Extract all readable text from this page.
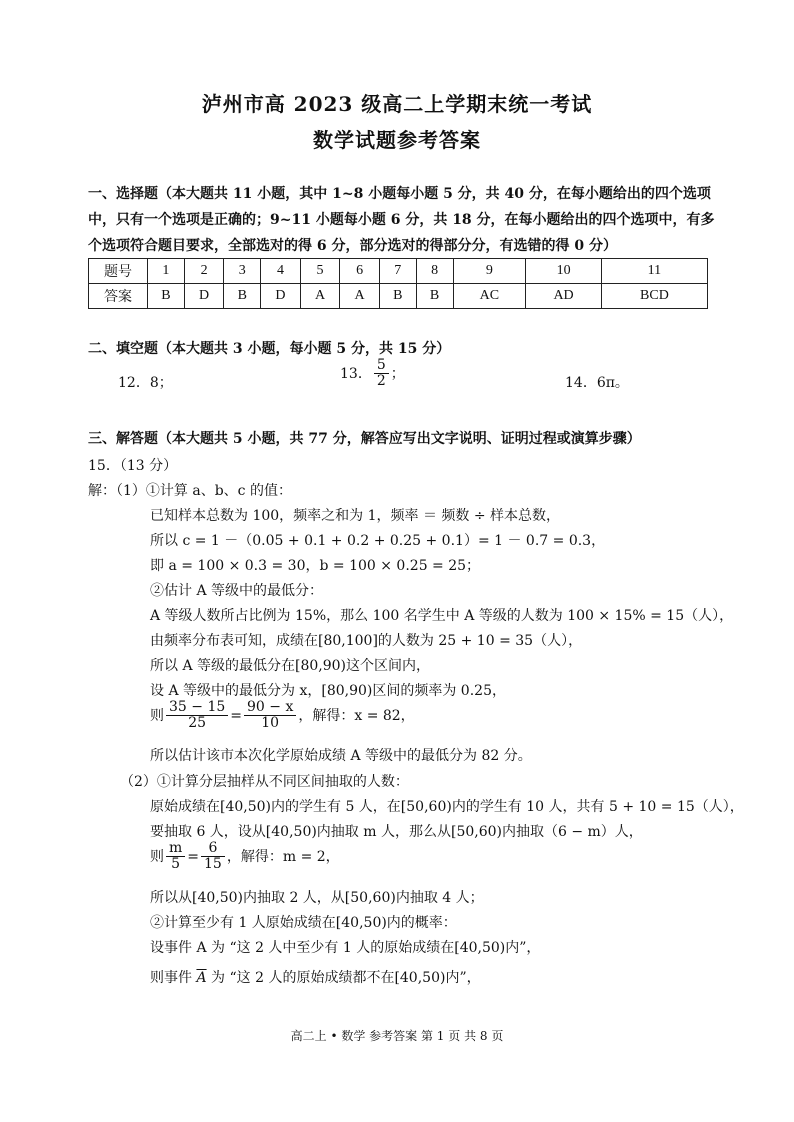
泸州市高 2023 级高二上学期末统一考试
数学试题参考答案
一、选择题（本大题共 11 小题，其中 1~8 小题每小题 5 分，共 40 分，在每小题给出的四个选项
中，只有一个选项是正确的；9~11 小题每小题 6 分，共 18 分，在每小题给出的四个选项中，有多
个选项符合题目要求，全部选对的得 6 分，部分选对的得部分分，有选错的得 0 分）
题号	1	2	3	4	5	6	7	8	9	10	11
答案	B	D	B	D	A	A	B	B	AC	AD	BCD
二、填空题（本大题共 3 小题，每小题 5 分，共 15 分）
12．8；
13． $\frac{5}{2}$ ；
14．6π。
三、解答题（本大题共 5 小题，共 77 分，解答应写出文字说明、证明过程或演算步骤）
15．（13 分）
解：（1）①计算 a、b、c 的值：
已知样本总数为 100，频率之和为 1，频率 ＝ 频数 ÷ 样本总数，
所以 c = 1 －（0.05 + 0.1 + 0.2 + 0.25 + 0.1）= 1 － 0.7 = 0.3，
即 a = 100 × 0.3 = 30，b = 100 × 0.25 = 25；
②估计 A 等级中的最低分：
A 等级人数所占比例为 15%，那么 100 名学生中 A 等级的人数为 100 × 15% = 15（人），
由频率分布表可知，成绩在[80,100]的人数为 25 + 10 = 35（人），
所以 A 等级的最低分在[80,90)这个区间内，
设 A 等级中的最低分为 x，[80,90)区间的频率为 0.25，
则 $\frac{35 - 15}{25} = \frac{90 - x}{10}$ ，解得：x = 82，
所以估计该市本次化学原始成绩 A 等级中的最低分为 82 分。
（2）①计算分层抽样从不同区间抽取的人数：
原始成绩在[40,50)内的学生有 5 人，在[50,60)内的学生有 10 人，共有 5 + 10 = 15（人），
要抽取 6 人，设从[40,50)内抽取 m 人，那么从[50,60)内抽取（6 − m）人，
则 $\frac{m}{5} = \frac{6}{15}$ ，解得：m = 2，
所以从[40,50)内抽取 2 人，从[50,60)内抽取 4 人；
②计算至少有 1 人原始成绩在[40,50)内的概率：
设事件 A 为 “这 2 人中至少有 1 人的原始成绩在[40,50)内”，
则事件 $\overline{A}$ 为 “这 2 人的原始成绩都不在[40,50)内”，
高二上 • 数学 参考答案 第 1 页 共 8 页
